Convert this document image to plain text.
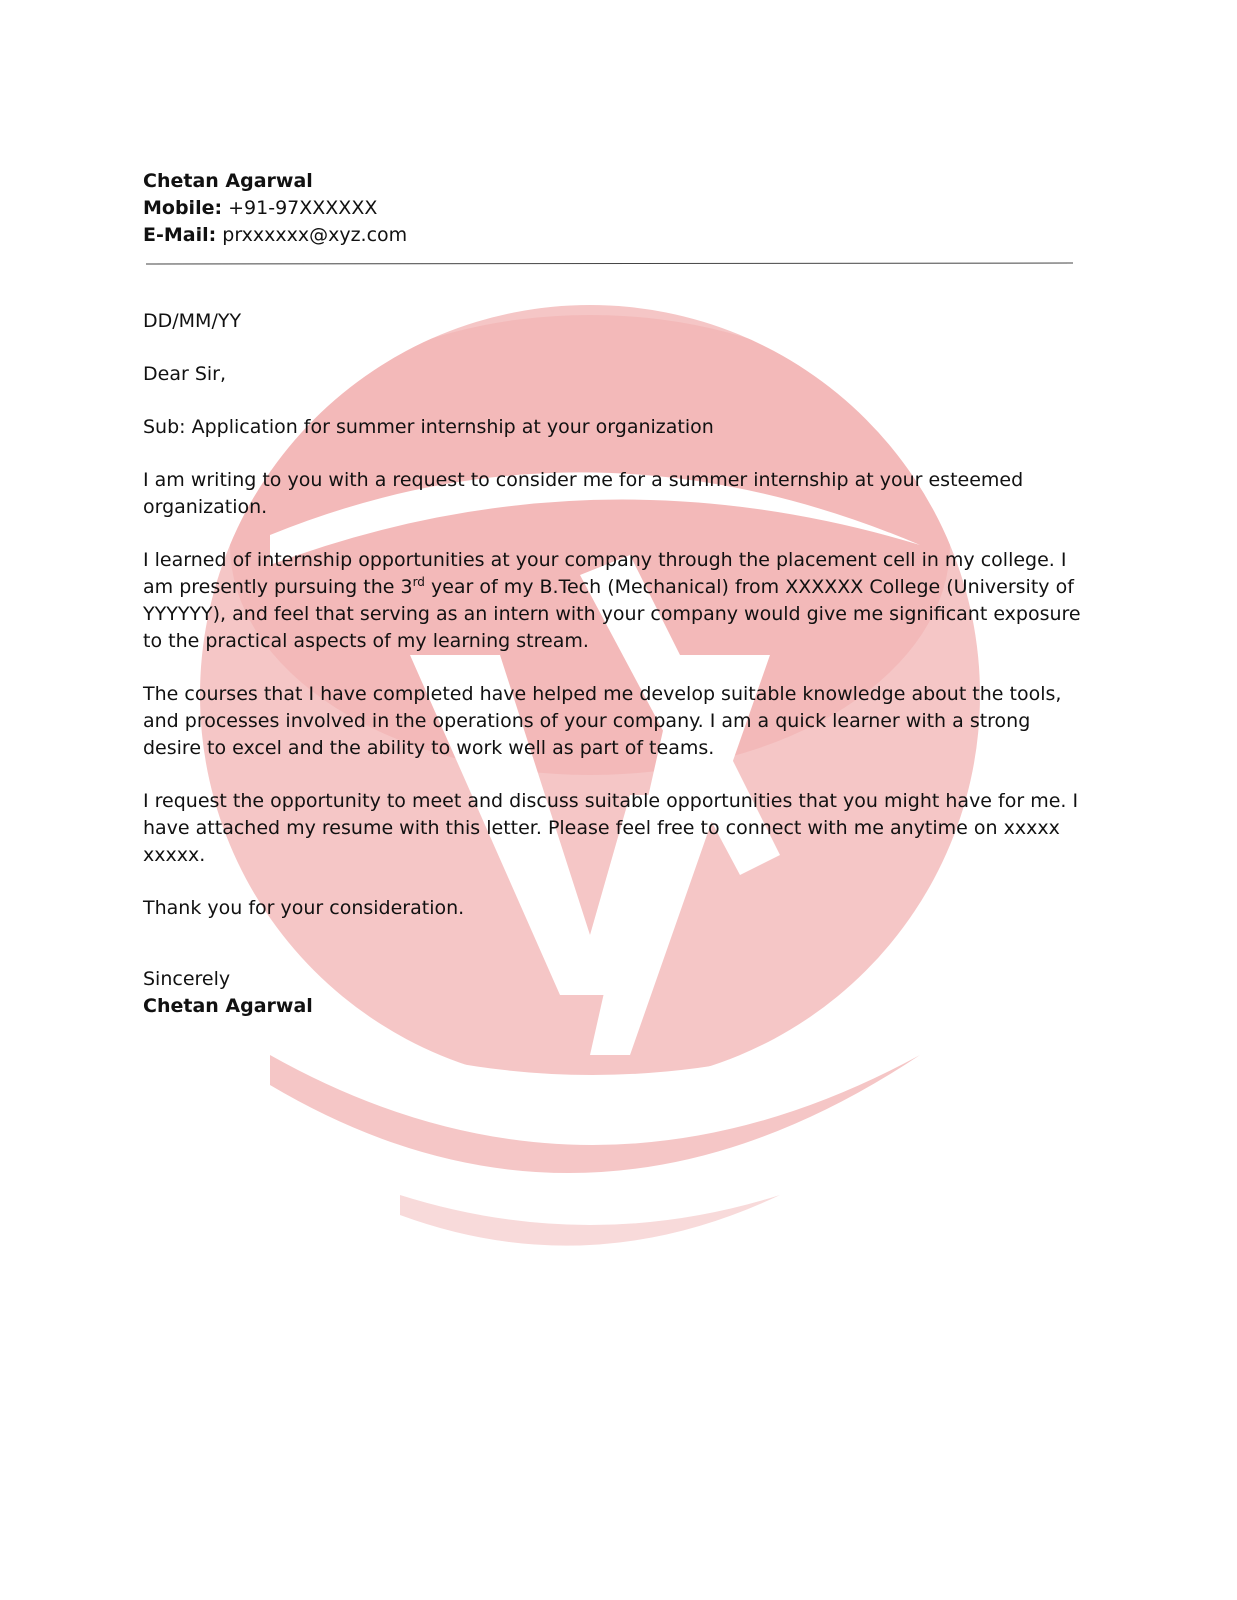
Chetan Agarwal
Mobile: +91-97XXXXXX
E-Mail: prxxxxxx@xyz.com
DD/MM/YY
Dear Sir,
Sub: Application for summer internship at your organization
I am writing to you with a request to consider me for a summer internship at your esteemed organization.
I learned of internship opportunities at your company through the placement cell in my college. I am presently pursuing the 3rd year of my B.Tech (Mechanical) from XXXXXX College (University of YYYYYY), and feel that serving as an intern with your company would give me significant exposure to the practical aspects of my learning stream.
The courses that I have completed have helped me develop suitable knowledge about the tools, and processes involved in the operations of your company. I am a quick learner with a strong desire to excel and the ability to work well as part of teams.
I request the opportunity to meet and discuss suitable opportunities that you might have for me. I have attached my resume with this letter. Please feel free to connect with me anytime on xxxxx xxxxx.
Thank you for your consideration.
Sincerely
Chetan Agarwal
